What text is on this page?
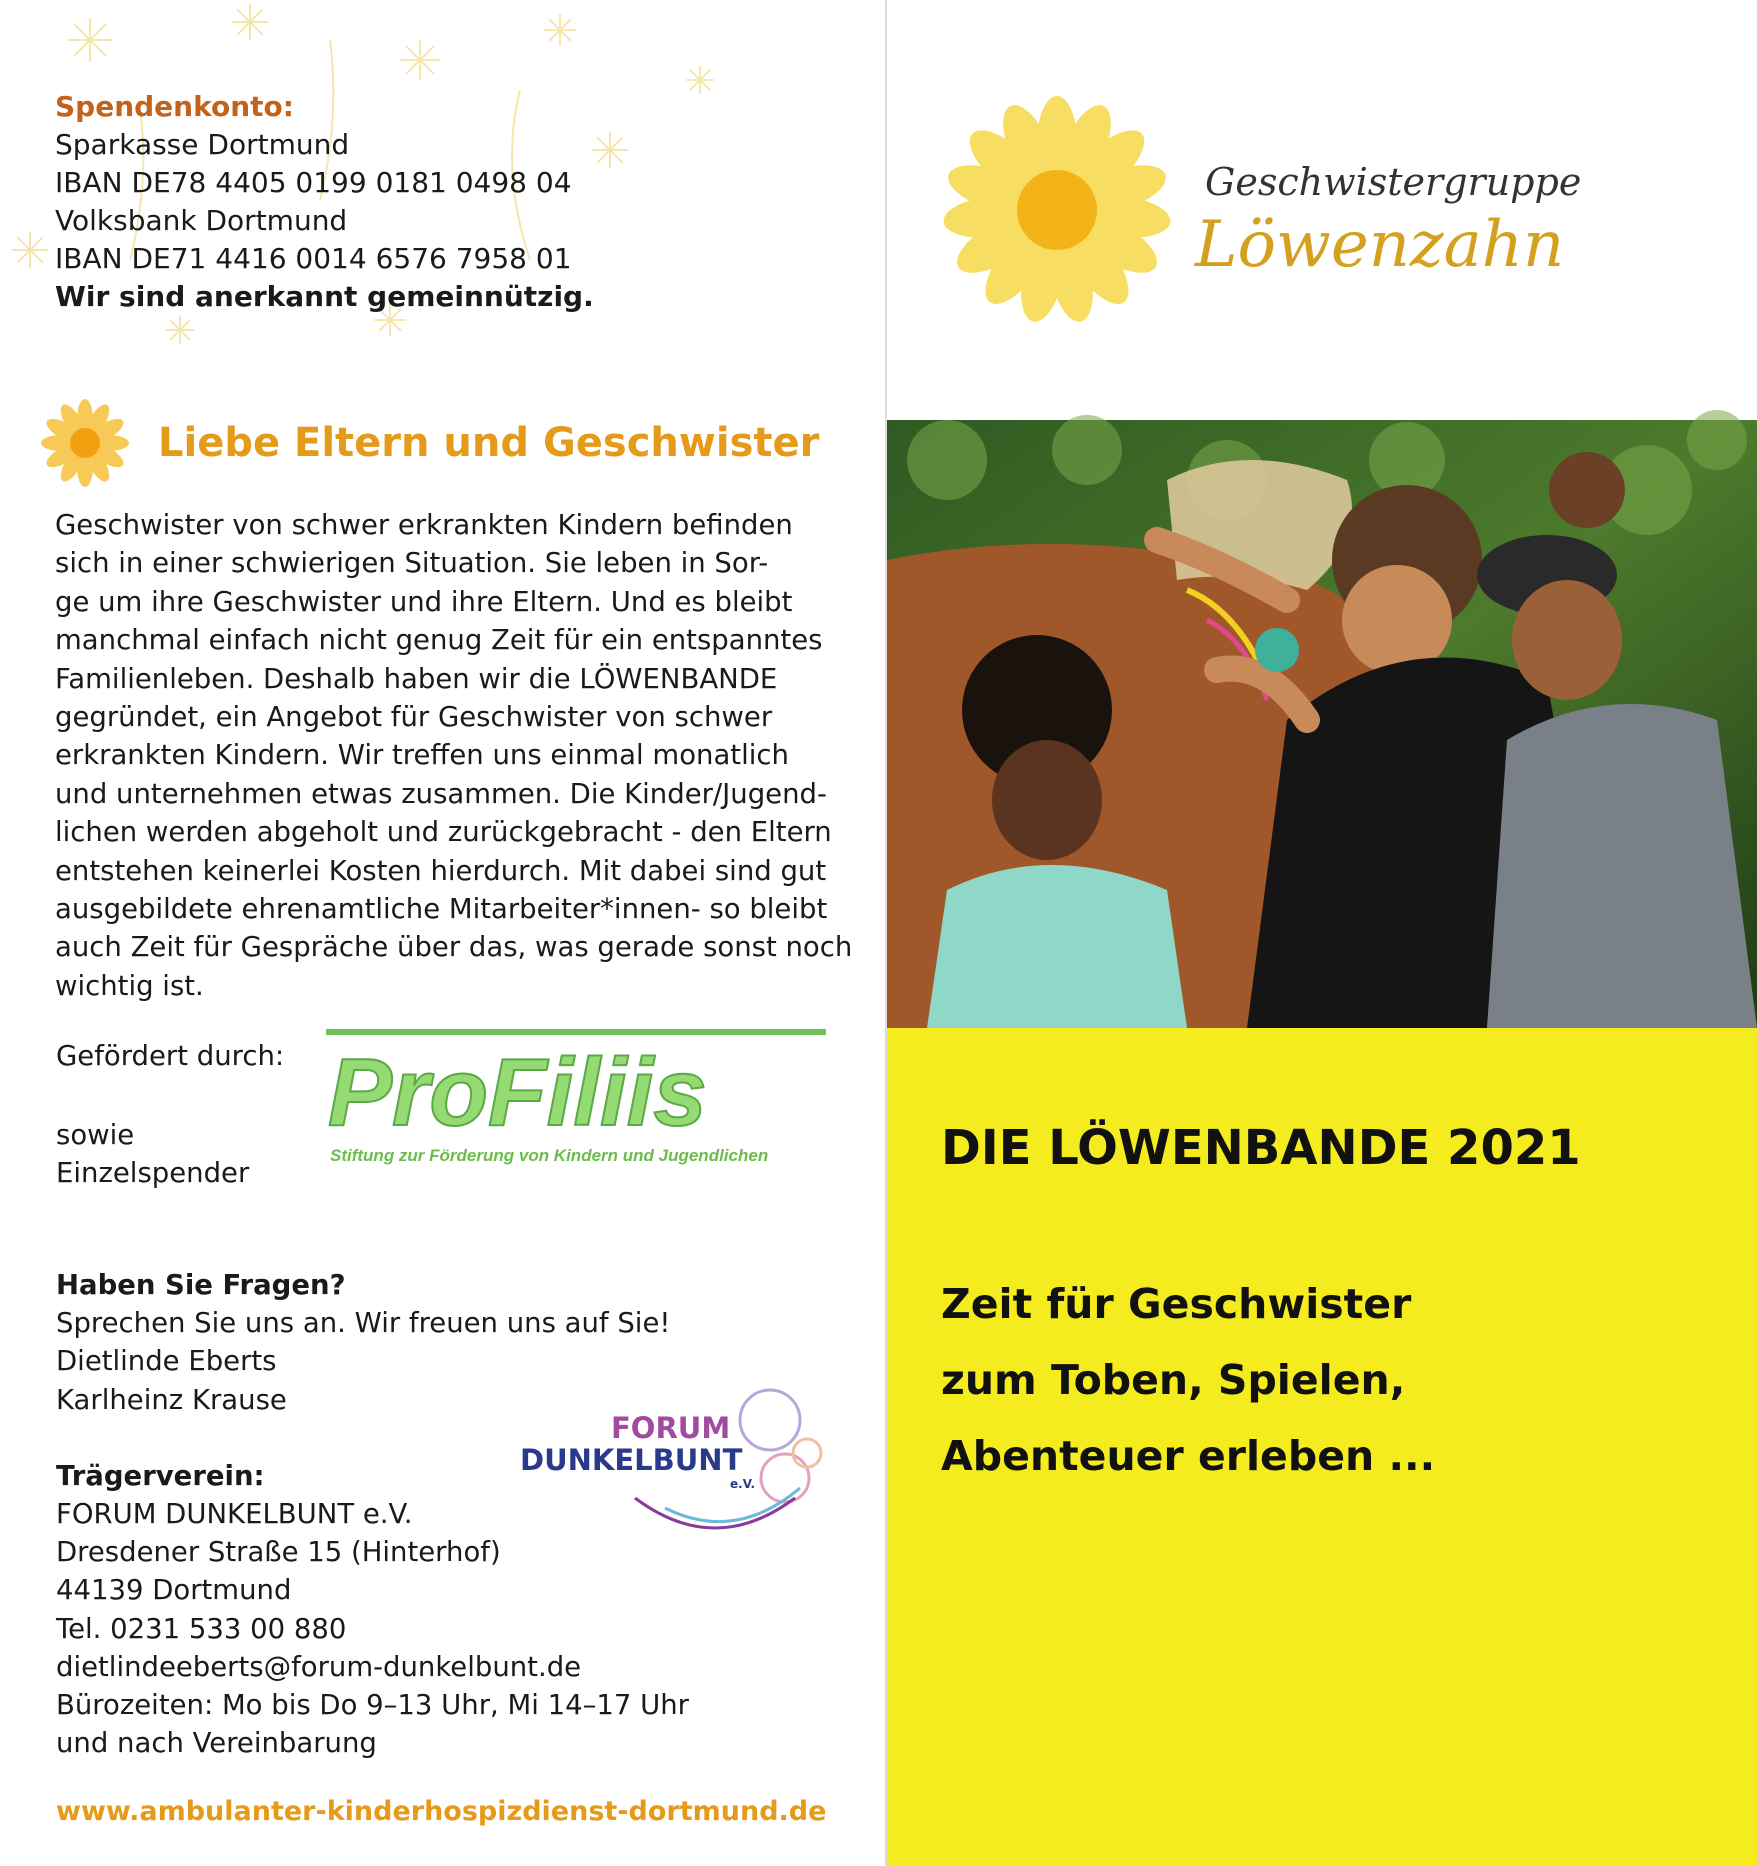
Spendenkonto:
Sparkasse Dortmund
IBAN DE78 4405 0199 0181 0498 04
Volksbank Dortmund
IBAN DE71 4416 0014 6576 7958 01
Wir sind anerkannt gemeinnützig.
Liebe Eltern und Geschwister

Geschwister von schwer erkrankten Kindern befinden

sich in einer schwierigen Situation. Sie leben in Sor-

ge um ihre Geschwister und ihre Eltern. Und es bleibt

manchmal einfach nicht genug Zeit für ein entspanntes

Familienleben. Deshalb haben wir die LÖWENBANDE

gegründet, ein Angebot für Geschwister von schwer

erkrankten Kindern. Wir treffen uns einmal monatlich

und unternehmen etwas zusammen. Die Kinder/Jugend-

lichen werden abgeholt und zurückgebracht - den Eltern

entstehen keinerlei Kosten hierdurch. Mit dabei sind gut

ausgebildete ehrenamtliche Mitarbeiter*innen- so bleibt

auch Zeit für Gespräche über das, was gerade sonst noch

wichtig ist.

Gefördert durch:
sowie
Einzelspender
ProFiliis
Stiftung zur Förderung von Kindern und Jugendlichen
Haben Sie Fragen?
Sprechen Sie uns an. Wir freuen uns auf Sie!
Dietlinde Eberts
Karlheinz Krause
Trägerverein:
FORUM DUNKELBUNT e.V.
Dresdener Straße 15 (Hinterhof)
44139 Dortmund
Tel. 0231 533 00 880
dietlindeeberts@forum-dunkelbunt.de
Bürozeiten: Mo bis Do 9–13 Uhr, Mi 14–17 Uhr
und nach Vereinbarung
FORUM
DUNKELBUNT
e.V.
www.ambulanter-kinderhospizdienst-dortmund.de
Geschwistergruppe
Löwenzahn
DIE LÖWENBANDE 2021
Zeit für Geschwister
zum Toben, Spielen,
Abenteuer erleben ...
